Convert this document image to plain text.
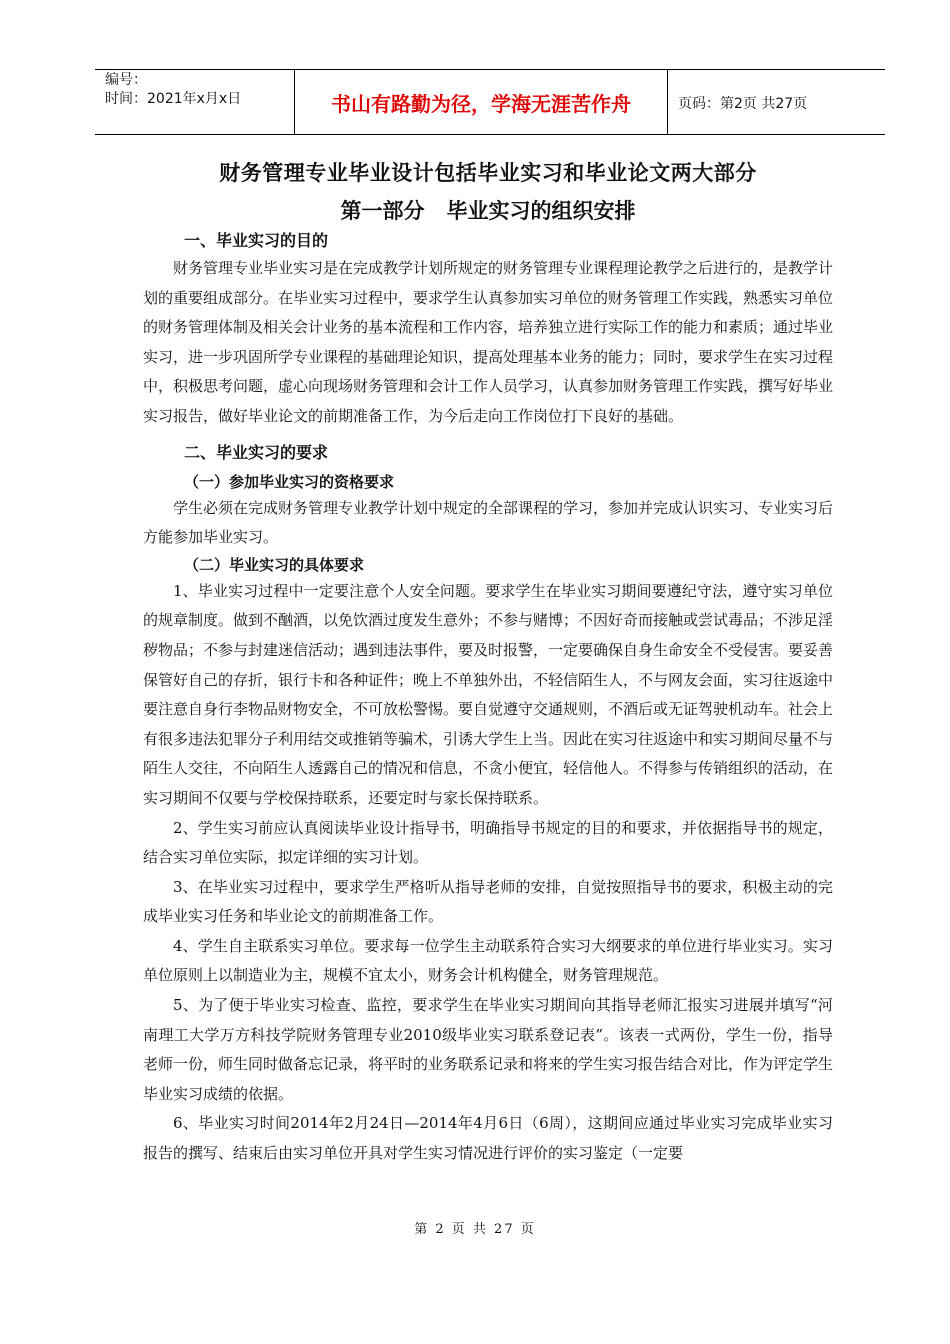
编号：
时间：2021年x月x日	书山有路勤为径，学海无涯苦作舟	页码：第2页 共27页
财务管理专业毕业设计包括毕业实习和毕业论文两大部分
第一部分 毕业实习的组织安排
一、毕业实习的目的

财务管理专业毕业实习是在完成教学计划所规定的财务管理专业课程理论教学之后进行的，是教学计划的重要组成部分。在毕业实习过程中，要求学生认真参加实习单位的财务管理工作实践，熟悉实习单位的财务管理体制及相关会计业务的基本流程和工作内容，培养独立进行实际工作的能力和素质；通过毕业实习，进一步巩固所学专业课程的基础理论知识，提高处理基本业务的能力；同时，要求学生在实习过程中，积极思考问题，虚心向现场财务管理和会计工作人员学习，认真参加财务管理工作实践，撰写好毕业实习报告，做好毕业论文的前期准备工作，为今后走向工作岗位打下良好的基础。

二、毕业实习的要求
（一）参加毕业实习的资格要求

学生必须在完成财务管理专业教学计划中规定的全部课程的学习，参加并完成认识实习、专业实习后方能参加毕业实习。

（二）毕业实习的具体要求

1、毕业实习过程中一定要注意个人安全问题。要求学生在毕业实习期间要遵纪守法，遵守实习单位的规章制度。做到不酗酒，以免饮酒过度发生意外；不参与赌博；不因好奇而接触或尝试毒品；不涉足淫秽物品；不参与封建迷信活动；遇到违法事件，要及时报警，一定要确保自身生命安全不受侵害。要妥善保管好自己的存折，银行卡和各种证件；晚上不单独外出，不轻信陌生人，不与网友会面，实习往返途中要注意自身行李物品财物安全，不可放松警惕。要自觉遵守交通规则，不酒后或无证驾驶机动车。社会上有很多违法犯罪分子利用结交或推销等骗术，引诱大学生上当。因此在实习往返途中和实习期间尽量不与陌生人交往，不向陌生人透露自己的情况和信息，不贪小便宜，轻信他人。不得参与传销组织的活动，在实习期间不仅要与学校保持联系，还要定时与家长保持联系。

2、学生实习前应认真阅读毕业设计指导书，明确指导书规定的目的和要求，并依据指导书的规定，结合实习单位实际，拟定详细的实习计划。

3、在毕业实习过程中，要求学生严格听从指导老师的安排，自觉按照指导书的要求，积极主动的完成毕业实习任务和毕业论文的前期准备工作。

4、学生自主联系实习单位。要求每一位学生主动联系符合实习大纲要求的单位进行毕业实习。实习单位原则上以制造业为主，规模不宜太小，财务会计机构健全，财务管理规范。

5、为了便于毕业实习检查、监控，要求学生在毕业实习期间向其指导老师汇报实习进展并填写“河南理工大学万方科技学院财务管理专业2010级毕业实习联系登记表”。该表一式两份，学生一份，指导老师一份，师生同时做备忘记录，将平时的业务联系记录和将来的学生实习报告结合对比，作为评定学生毕业实习成绩的依据。

6、毕业实习时间2014年2月24日—2014年4月6日（6周），这期间应通过毕业实习完成毕业实习报告的撰写、结束后由实习单位开具对学生实习情况进行评价的实习鉴定（一定要

第 2 页 共 27 页
